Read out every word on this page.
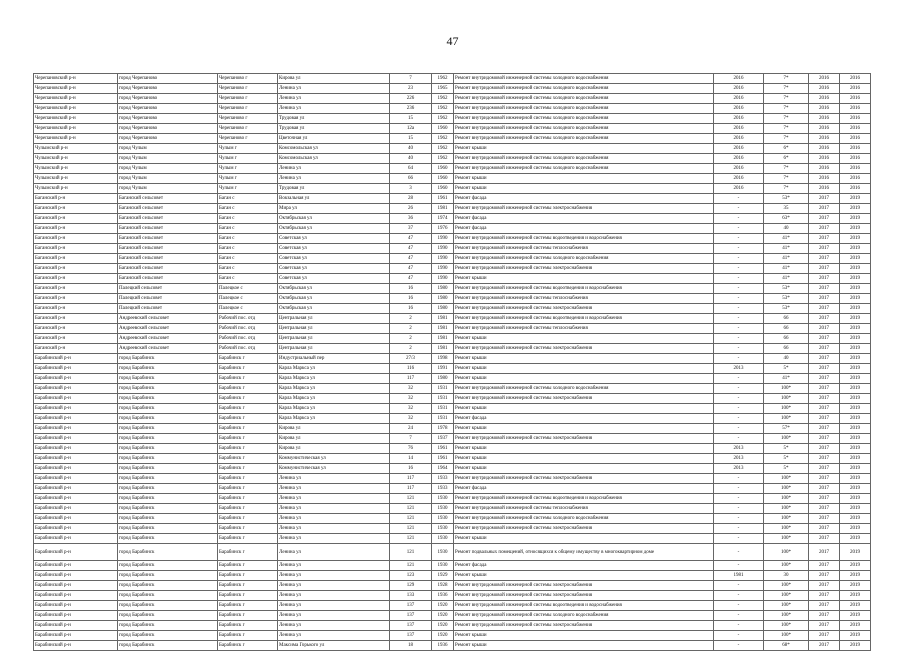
47
Черепановский р-н	город Черепаново	Черепаново г	Кирова ул	7	1962	Ремонт внутридомовой инженерной системы холодного водоснабжения	2016	7*	2016	2016
Черепановский р-н	город Черепаново	Черепаново г	Ленина ул	23	1965	Ремонт внутридомовой инженерной системы холодного водоснабжения	2016	7*	2016	2016
Черепановский р-н	город Черепаново	Черепаново г	Ленина ул	226	1962	Ремонт внутридомовой инженерной системы холодного водоснабжения	2016	7*	2016	2016
Черепановский р-н	город Черепаново	Черепаново г	Ленина ул	236	1962	Ремонт внутридомовой инженерной системы холодного водоснабжения	2016	7*	2016	2016
Черепановский р-н	город Черепаново	Черепаново г	Трудовая ул	15	1962	Ремонт внутридомовой инженерной системы холодного водоснабжения	2016	7*	2016	2016
Черепановский р-н	город Черепаново	Черепаново г	Трудовая ул	12а	1960	Ремонт внутридомовой инженерной системы холодного водоснабжения	2016	7*	2016	2016
Черепановский р-н	город Черепаново	Черепаново г	Цветочная ул	15	1962	Ремонт внутридомовой инженерной системы холодного водоснабжения	2016	7*	2016	2016
Чулымский р-н	город Чулым	Чулым г	Комсомольская ул	40	1962	Ремонт крыши	2016	6*	2016	2016
Чулымский р-н	город Чулым	Чулым г	Комсомольская ул	40	1962	Ремонт внутридомовой инженерной системы холодного водоснабжения	2016	6*	2016	2016
Чулымский р-н	город Чулым	Чулым г	Ленина ул	64	1960	Ремонт внутридомовой инженерной системы холодного водоснабжения	2016	7*	2016	2016
Чулымский р-н	город Чулым	Чулым г	Ленина ул	66	1960	Ремонт крыши	2016	7*	2016	2016
Чулымский р-н	город Чулым	Чулым г	Трудовая ул	3	1960	Ремонт крыши	2016	7*	2016	2016
Баганский р-н	Баганский сельсовет	Баган с	Вокзальная ул	28	1961	Ремонт фасада	-	53*	2017	2019
Баганский р-н	Баганский сельсовет	Баган с	Мира ул	26	1981	Ремонт внутридомовой инженерной системы электроснабжения	-	35	2017	2019
Баганский р-н	Баганский сельсовет	Баган с	Октябрьская ул	36	1974	Ремонт фасада	-	63*	2017	2019
Баганский р-н	Баганский сельсовет	Баган с	Октябрьская ул	37	1976	Ремонт фасада	-	40	2017	2019
Баганский р-н	Баганский сельсовет	Баган с	Советская ул	47	1990	Ремонт внутридомовой инженерной системы водоотведения и водоснабжения	-	41*	2017	2019
Баганский р-н	Баганский сельсовет	Баган с	Советская ул	47	1990	Ремонт внутридомовой инженерной системы теплоснабжения	-	41*	2017	2019
Баганский р-н	Баганский сельсовет	Баган с	Советская ул	47	1990	Ремонт внутридомовой инженерной системы холодного водоснабжения	-	41*	2017	2019
Баганский р-н	Баганский сельсовет	Баган с	Советская ул	47	1990	Ремонт внутридомовой инженерной системы электроснабжения	-	41*	2017	2019
Баганский р-н	Баганский сельсовет	Баган с	Советская ул	47	1990	Ремонт крыши	-	41*	2017	2019
Баганский р-н	Палецкий сельсовет	Палецкое с	Октябрьская ул	16	1980	Ремонт внутридомовой инженерной системы водоотведения и водоснабжения	-	53*	2017	2019
Баганский р-н	Палецкий сельсовет	Палецкое с	Октябрьская ул	16	1980	Ремонт внутридомовой инженерной системы теплоснабжения	-	53*	2017	2019
Баганский р-н	Палецкий сельсовет	Палецкое с	Октябрьская ул	16	1980	Ремонт внутридомовой инженерной системы электроснабжения	-	53*	2017	2019
Баганский р-н	Андреевский сельсовет	Рабочий пос. отд	Центральная ул	2	1981	Ремонт внутридомовой инженерной системы водоотведения и водоснабжения	-	66	2017	2019
Баганский р-н	Андреевский сельсовет	Рабочий пос. отд	Центральная ул	2	1981	Ремонт внутридомовой инженерной системы теплоснабжения	-	66	2017	2019
Баганский р-н	Андреевский сельсовет	Рабочий пос. отд	Центральная ул	2	1981	Ремонт крыши	-	66	2017	2019
Баганский р-н	Андреевский сельсовет	Рабочий пос. отд	Центральная ул	2	1981	Ремонт внутридомовой инженерной системы электроснабжения	-	66	2017	2019
Барабинский р-н	город Барабинск	Барабинск г	Индустриальный пер	27/3	1998	Ремонт крыши	-	40	2017	2019
Барабинский р-н	город Барабинск	Барабинск г	Карла Маркса ул	116	1991	Ремонт крыши	2013	5*	2017	2019
Барабинский р-н	город Барабинск	Барабинск г	Карла Маркса ул	117	1980	Ремонт крыши	-	41*	2017	2019
Барабинский р-н	город Барабинск	Барабинск г	Карла Маркса ул	32	1931	Ремонт внутридомовой инженерной системы холодного водоснабжения	-	100*	2017	2019
Барабинский р-н	город Барабинск	Барабинск г	Карла Маркса ул	32	1931	Ремонт внутридомовой инженерной системы электроснабжения	-	100*	2017	2019
Барабинский р-н	город Барабинск	Барабинск г	Карла Маркса ул	32	1931	Ремонт крыши	-	100*	2017	2019
Барабинский р-н	город Барабинск	Барабинск г	Карла Маркса ул	32	1931	Ремонт фасада	-	100*	2017	2019
Барабинский р-н	город Барабинск	Барабинск г	Кирова ул	24	1978	Ремонт крыши	-	57*	2017	2019
Барабинский р-н	город Барабинск	Барабинск г	Кирова ул	7	1937	Ремонт внутридомовой инженерной системы электроснабжения	-	100*	2017	2019
Барабинский р-н	город Барабинск	Барабинск г	Кирова ул	76	1961	Ремонт крыши	2013	5*	2017	2019
Барабинский р-н	город Барабинск	Барабинск г	Коммунистическая ул	14	1961	Ремонт крыши	2013	5*	2017	2019
Барабинский р-н	город Барабинск	Барабинск г	Коммунистическая ул	16	1964	Ремонт крыши	2013	5*	2017	2019
Барабинский р-н	город Барабинск	Барабинск г	Ленина ул	117	1933	Ремонт внутридомовой инженерной системы электроснабжения	-	100*	2017	2019
Барабинский р-н	город Барабинск	Барабинск г	Ленина ул	117	1933	Ремонт фасада	-	100*	2017	2019
Барабинский р-н	город Барабинск	Барабинск г	Ленина ул	121	1930	Ремонт внутридомовой инженерной системы водоотведения и водоснабжения	-	100*	2017	2019
Барабинский р-н	город Барабинск	Барабинск г	Ленина ул	121	1930	Ремонт внутридомовой инженерной системы теплоснабжения	-	100*	2017	2019
Барабинский р-н	город Барабинск	Барабинск г	Ленина ул	121	1930	Ремонт внутридомовой инженерной системы холодного водоснабжения	-	100*	2017	2019
Барабинский р-н	город Барабинск	Барабинск г	Ленина ул	121	1930	Ремонт внутридомовой инженерной системы электроснабжения	-	100*	2017	2019
Барабинский р-н	город Барабинск	Барабинск г	Ленина ул	121	1930	Ремонт крыши	-	100*	2017	2019
Барабинский р-н	город Барабинск	Барабинск г	Ленина ул	121	1930	Ремонт подвальных помещений, относящихся к общему имуществу в многоквартирном доме	-	100*	2017	2019
Барабинский р-н	город Барабинск	Барабинск г	Ленина ул	121	1930	Ремонт фасада	-	100*	2017	2019
Барабинский р-н	город Барабинск	Барабинск г	Ленина ул	123	1929	Ремонт крыши	1981	30	2017	2019
Барабинский р-н	город Барабинск	Барабинск г	Ленина ул	129	1928	Ремонт внутридомовой инженерной системы электроснабжения	-	100*	2017	2019
Барабинский р-н	город Барабинск	Барабинск г	Ленина ул	133	1936	Ремонт внутридомовой инженерной системы электроснабжения	-	100*	2017	2019
Барабинский р-н	город Барабинск	Барабинск г	Ленина ул	137	1920	Ремонт внутридомовой инженерной системы водоотведения и водоснабжения	-	100*	2017	2019
Барабинский р-н	город Барабинск	Барабинск г	Ленина ул	137	1920	Ремонт внутридомовой инженерной системы холодного водоснабжения	-	100*	2017	2019
Барабинский р-н	город Барабинск	Барабинск г	Ленина ул	137	1920	Ремонт внутридомовой инженерной системы электроснабжения	-	100*	2017	2019
Барабинский р-н	город Барабинск	Барабинск г	Ленина ул	137	1920	Ремонт крыши	-	100*	2017	2019
Барабинский р-н	город Барабинск	Барабинск г	Максима Горького ул	18	1936	Ремонт крыши	-	68*	2017	2019
